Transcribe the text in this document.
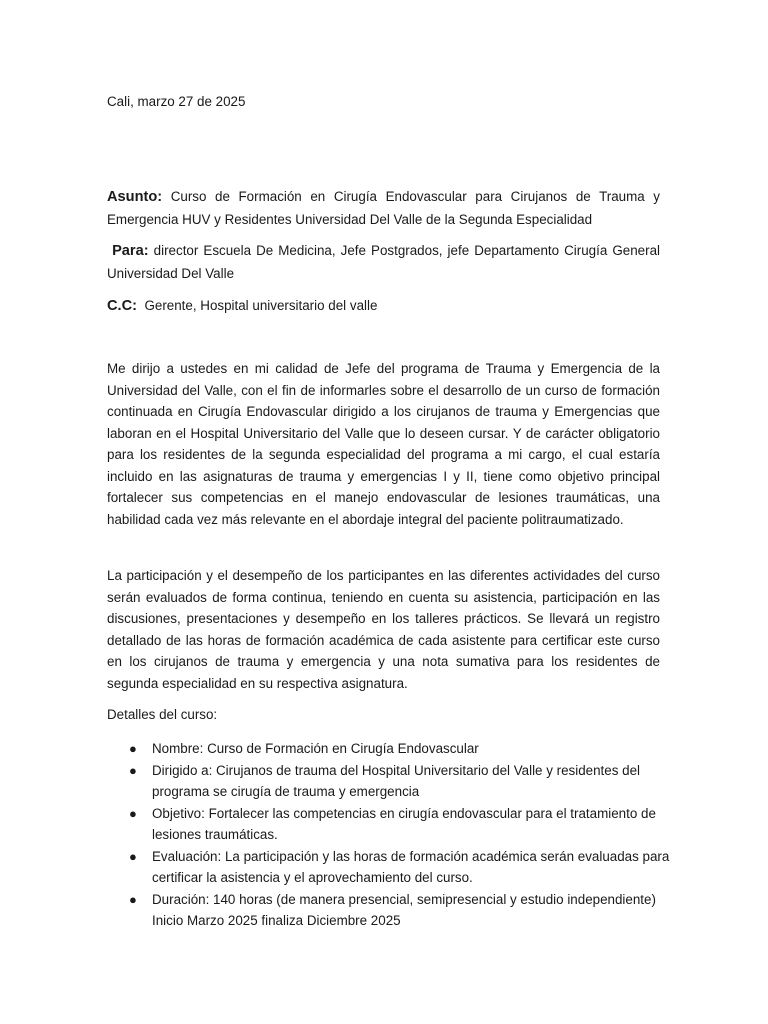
Cali, marzo 27 de 2025
Asunto: Curso de Formación en Cirugía Endovascular para Cirujanos de Trauma y Emergencia HUV y Residentes Universidad Del Valle de la Segunda Especialidad
Para: director Escuela De Medicina, Jefe Postgrados, jefe Departamento Cirugía General Universidad Del Valle
C.C: Gerente, Hospital universitario del valle
Me dirijo a ustedes en mi calidad de Jefe del programa de Trauma y Emergencia de la Universidad del Valle, con el fin de informarles sobre el desarrollo de un curso de formación continuada en Cirugía Endovascular dirigido a los cirujanos de trauma y Emergencias que laboran en el Hospital Universitario del Valle que lo deseen cursar. Y de carácter obligatorio para los residentes de la segunda especialidad del programa a mi cargo, el cual estaría incluido en las asignaturas de trauma y emergencias I y II, tiene como objetivo principal fortalecer sus competencias en el manejo endovascular de lesiones traumáticas, una habilidad cada vez más relevante en el abordaje integral del paciente politraumatizado.
La participación y el desempeño de los participantes en las diferentes actividades del curso serán evaluados de forma continua, teniendo en cuenta su asistencia, participación en las discusiones, presentaciones y desempeño en los talleres prácticos. Se llevará un registro detallado de las horas de formación académica de cada asistente para certificar este curso en los cirujanos de trauma y emergencia y una nota sumativa para los residentes de segunda especialidad en su respectiva asignatura.
Detalles del curso:
● Nombre: Curso de Formación en Cirugía Endovascular
● Dirigido a: Cirujanos de trauma del Hospital Universitario del Valle y residentes del programa se cirugía de trauma y emergencia
● Objetivo: Fortalecer las competencias en cirugía endovascular para el tratamiento de lesiones traumáticas.
● Evaluación: La participación y las horas de formación académica serán evaluadas para certificar la asistencia y el aprovechamiento del curso.
● Duración: 140 horas (de manera presencial, semipresencial y estudio independiente) Inicio Marzo 2025 finaliza Diciembre 2025
